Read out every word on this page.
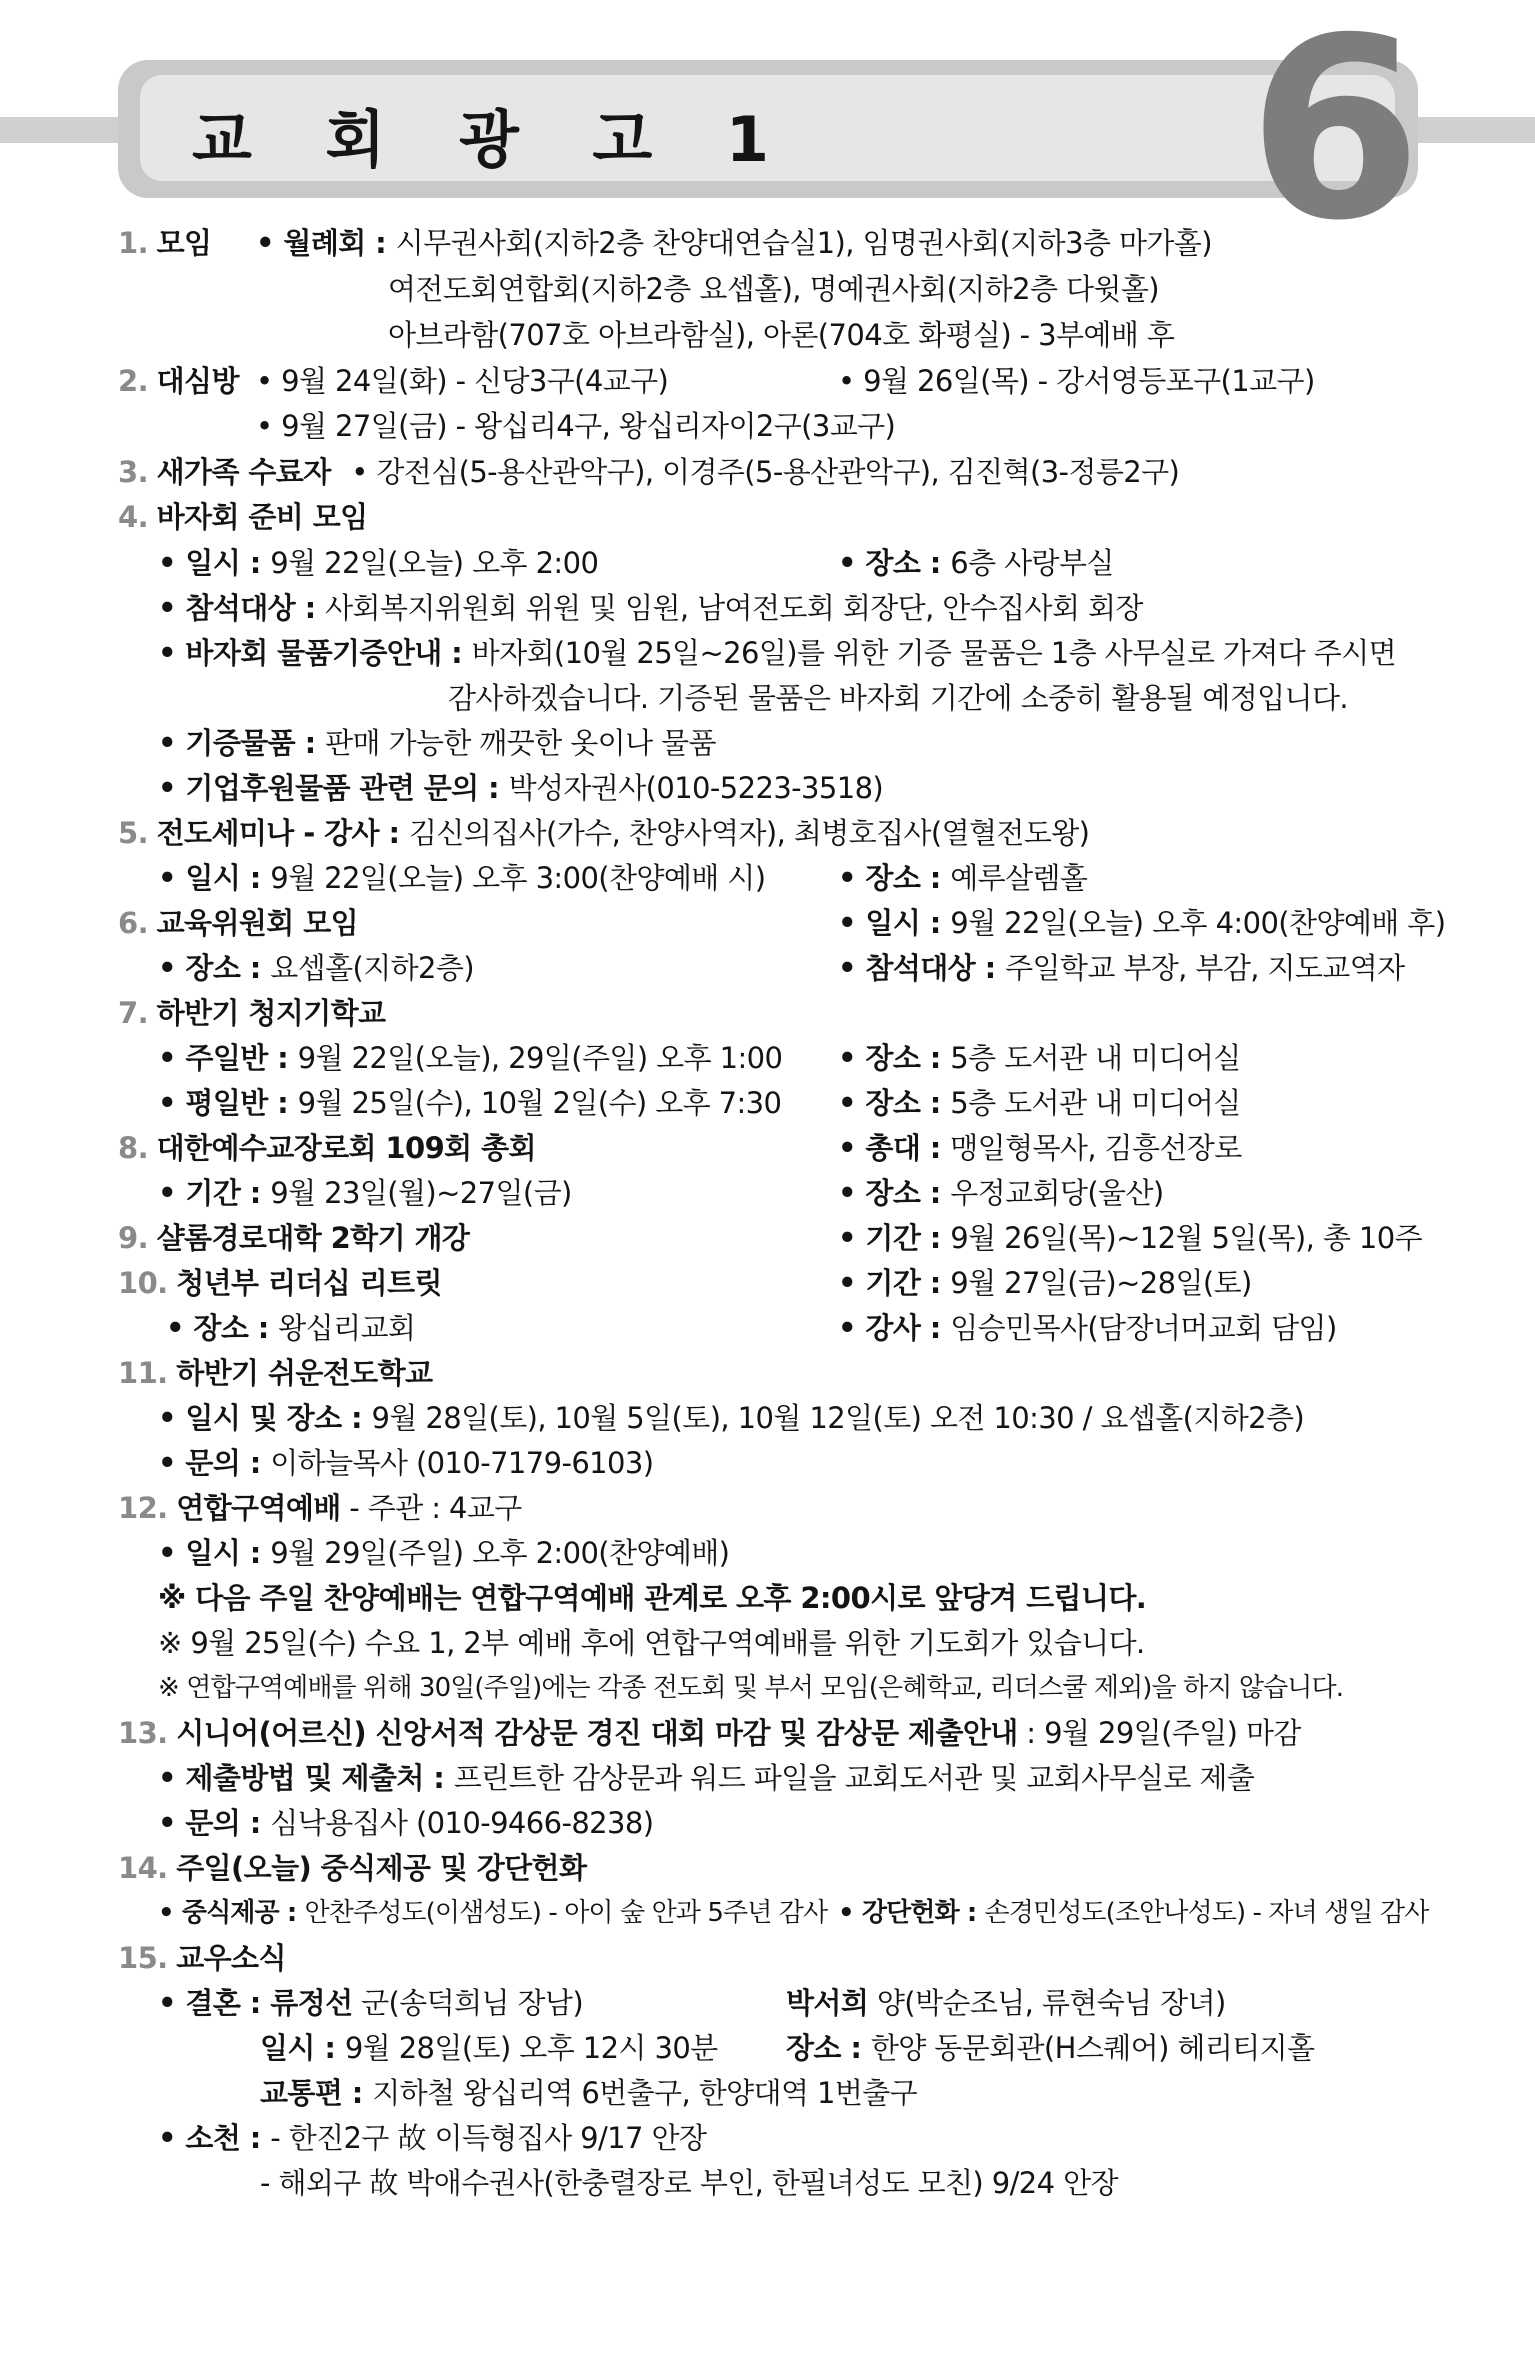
교 회 광 고 1 6
1. 모임 • 월례회 : 시무권사회(지하2층 찬양대연습실1), 임명권사회(지하3층 마가홀)
여전도회연합회(지하2층 요셉홀), 명예권사회(지하2층 다윗홀)
아브라함(707호 아브라함실), 아론(704호 화평실) - 3부예배 후
2. 대심방 • 9월 24일(화) - 신당3구(4교구)	• 9월 26일(목) - 강서영등포구(1교구)
• 9월 27일(금) - 왕십리4구, 왕십리자이2구(3교구)
3. 새가족 수료자 • 강전심(5-용산관악구), 이경주(5-용산관악구), 김진혁(3-정릉2구)
4. 바자회 준비 모임
• 일시 : 9월 22일(오늘) 오후 2:00	• 장소 : 6층 사랑부실
• 참석대상 : 사회복지위원회 위원 및 임원, 남여전도회 회장단, 안수집사회 회장
• 바자회 물품기증안내 : 바자회(10월 25일~26일)를 위한 기증 물품은 1층 사무실로 가져다 주시면
감사하겠습니다. 기증된 물품은 바자회 기간에 소중히 활용될 예정입니다.
• 기증물품 : 판매 가능한 깨끗한 옷이나 물품
• 기업후원물품 관련 문의 : 박성자권사(010-5223-3518)
5. 전도세미나 - 강사 : 김신의집사(가수, 찬양사역자), 최병호집사(열혈전도왕)
• 일시 : 9월 22일(오늘) 오후 3:00(찬양예배 시)	• 장소 : 예루살렘홀
6. 교육위원회 모임	• 일시 : 9월 22일(오늘) 오후 4:00(찬양예배 후)
• 장소 : 요셉홀(지하2층)	• 참석대상 : 주일학교 부장, 부감, 지도교역자
7. 하반기 청지기학교
• 주일반 : 9월 22일(오늘), 29일(주일) 오후 1:00 • 장소 : 5층 도서관 내 미디어실
• 평일반 : 9월 25일(수), 10월 2일(수) 오후 7:30 • 장소 : 5층 도서관 내 미디어실
8. 대한예수교장로회 109회 총회	• 총대 : 맹일형목사, 김흥선장로
• 기간 : 9월 23일(월)~27일(금)	• 장소 : 우정교회당(울산)
9. 샬롬경로대학 2학기 개강	• 기간 : 9월 26일(목)~12월 5일(목), 총 10주
10. 청년부 리더십 리트릿	• 기간 : 9월 27일(금)~28일(토)
• 장소 : 왕십리교회	• 강사 : 임승민목사(담장너머교회 담임)
11. 하반기 쉬운전도학교
• 일시 및 장소 : 9월 28일(토), 10월 5일(토), 10월 12일(토) 오전 10:30 / 요셉홀(지하2층)
• 문의 : 이하늘목사 (010-7179-6103)
12. 연합구역예배 - 주관 : 4교구
• 일시 : 9월 29일(주일) 오후 2:00(찬양예배)
※ 다음 주일 찬양예배는 연합구역예배 관계로 오후 2:00시로 앞당겨 드립니다.
※ 9월 25일(수) 수요 1, 2부 예배 후에 연합구역예배를 위한 기도회가 있습니다.
※ 연합구역예배를 위해 30일(주일)에는 각종 전도회 및 부서 모임(은혜학교, 리더스쿨 제외)을 하지 않습니다.
13. 시니어(어르신) 신앙서적 감상문 경진 대회 마감 및 감상문 제출안내 : 9월 29일(주일) 마감
• 제출방법 및 제출처 : 프린트한 감상문과 워드 파일을 교회도서관 및 교회사무실로 제출
• 문의 : 심낙용집사 (010-9466-8238)
14. 주일(오늘) 중식제공 및 강단헌화
• 중식제공 : 안찬주성도(이샘성도) - 아이 숲 안과 5주년 감사 • 강단헌화 : 손경민성도(조안나성도) - 자녀 생일 감사
15. 교우소식
• 결혼 : 류정선 군(송덕희님 장남)	박서희 양(박순조님, 류현숙님 장녀)
일시 : 9월 28일(토) 오후 12시 30분 장소 : 한양 동문회관(H스퀘어) 헤리티지홀
교통편 : 지하철 왕십리역 6번출구, 한양대역 1번출구
• 소천 : - 한진2구 故 이득형집사 9/17 안장
- 해외구 故 박애수권사(한충렬장로 부인, 한필녀성도 모친) 9/24 안장
